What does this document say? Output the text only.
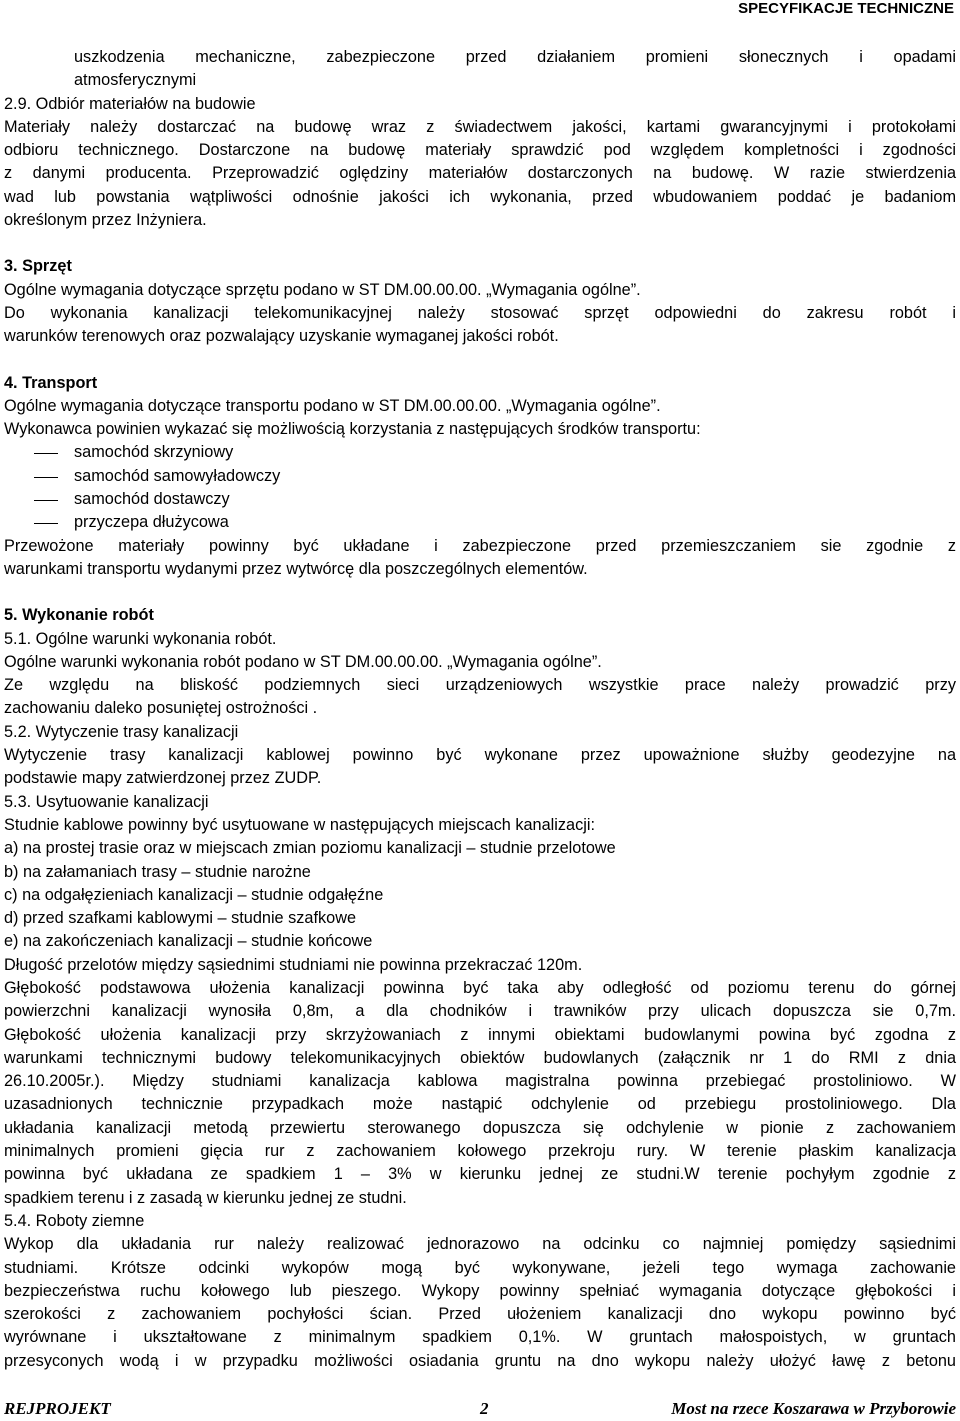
SPECYFIKACJE TECHNICZNE
uszkodzenia mechaniczne, zabezpieczone przed działaniem promieni słonecznych i opadami
atmosferycznymi
2.9. Odbiór materiałów na budowie
Materiały należy dostarczać na budowę wraz z świadectwem jakości, kartami gwarancyjnymi i protokołami
odbioru technicznego. Dostarczone na budowę materiały sprawdzić pod względem kompletności i zgodności
z danymi producenta. Przeprowadzić oględziny materiałów dostarczonych na budowę. W razie stwierdzenia
wad lub powstania wątpliwości odnośnie jakości ich wykonania, przed wbudowaniem poddać je badaniom
określonym przez Inżyniera.
3. Sprzęt
Ogólne wymagania dotyczące sprzętu podano w ST DM.00.00.00. „Wymagania ogólne”.
Do wykonania kanalizacji telekomunikacyjnej należy stosować sprzęt odpowiedni do zakresu robót i
warunków terenowych oraz pozwalający uzyskanie wymaganej jakości robót.
4. Transport
Ogólne wymagania dotyczące transportu podano w ST DM.00.00.00. „Wymagania ogólne”.
Wykonawca powinien wykazać się możliwością korzystania z następujących środków transportu:
samochód skrzyniowy
samochód samowyładowczy
samochód dostawczy
przyczepa dłużycowa
Przewożone materiały powinny być układane i zabezpieczone przed przemieszczaniem sie zgodnie z
warunkami transportu wydanymi przez wytwórcę dla poszczególnych elementów.
5. Wykonanie robót
5.1. Ogólne warunki wykonania robót.
Ogólne warunki wykonania robót podano w ST DM.00.00.00. „Wymagania ogólne”.
Ze względu na bliskość podziemnych sieci urządzeniowych wszystkie prace należy prowadzić przy
zachowaniu daleko posuniętej ostrożności .
5.2. Wytyczenie trasy kanalizacji
Wytyczenie trasy kanalizacji kablowej powinno być wykonane przez upoważnione służby geodezyjne na
podstawie mapy zatwierdzonej przez ZUDP.
5.3. Usytuowanie kanalizacji
Studnie kablowe powinny być usytuowane w następujących miejscach kanalizacji:
a) na prostej trasie oraz w miejscach zmian poziomu kanalizacji – studnie przelotowe
b) na załamaniach trasy – studnie narożne
c) na odgałęzieniach kanalizacji – studnie odgałęźne
d) przed szafkami kablowymi – studnie szafkowe
e) na zakończeniach kanalizacji – studnie końcowe
Długość przelotów między sąsiednimi studniami nie powinna przekraczać 120m.
Głębokość podstawowa ułożenia kanalizacji powinna być taka aby odległość od poziomu terenu do górnej
powierzchni kanalizacji wynosiła 0,8m, a dla chodników i trawników przy ulicach dopuszcza sie 0,7m.
Głębokość ułożenia kanalizacji przy skrzyżowaniach z innymi obiektami budowlanymi powina być zgodna z
warunkami technicznymi budowy telekomunikacyjnych obiektów budowlanych (załącznik nr 1 do RMI z dnia
26.10.2005r.). Między studniami kanalizacja kablowa magistralna powinna przebiegać prostoliniowo. W
uzasadnionych technicznie przypadkach może nastąpić odchylenie od przebiegu prostoliniowego. Dla
układania kanalizacji metodą przewiertu sterowanego dopuszcza się odchylenie w pionie z zachowaniem
minimalnych promieni gięcia rur z zachowaniem kołowego przekroju rury. W terenie płaskim kanalizacja
powinna być układana ze spadkiem 1 – 3% w kierunku jednej ze studni.W terenie pochyłym zgodnie z
spadkiem terenu i z zasadą w kierunku jednej ze studni.
5.4. Roboty ziemne
Wykop dla układania rur należy realizować jednorazowo na odcinku co najmniej pomiędzy sąsiednimi
studniami. Krótsze odcinki wykopów mogą być wykonywane, jeżeli tego wymaga zachowanie
bezpieczeństwa ruchu kołowego lub pieszego. Wykopy powinny spełniać wymagania dotyczące głębokości i
szerokości z zachowaniem pochyłości ścian. Przed ułożeniem kanalizacji dno wykopu powinno być
wyrównane i ukształtowane z minimalnym spadkiem 0,1%. W gruntach małospoistych, w gruntach
przesyconych wodą i w przypadku możliwości osiadania gruntu na dno wykopu należy ułożyć ławę z betonu
REJPROJEKT	2	Most na rzece Koszarawa w Przyborowie
